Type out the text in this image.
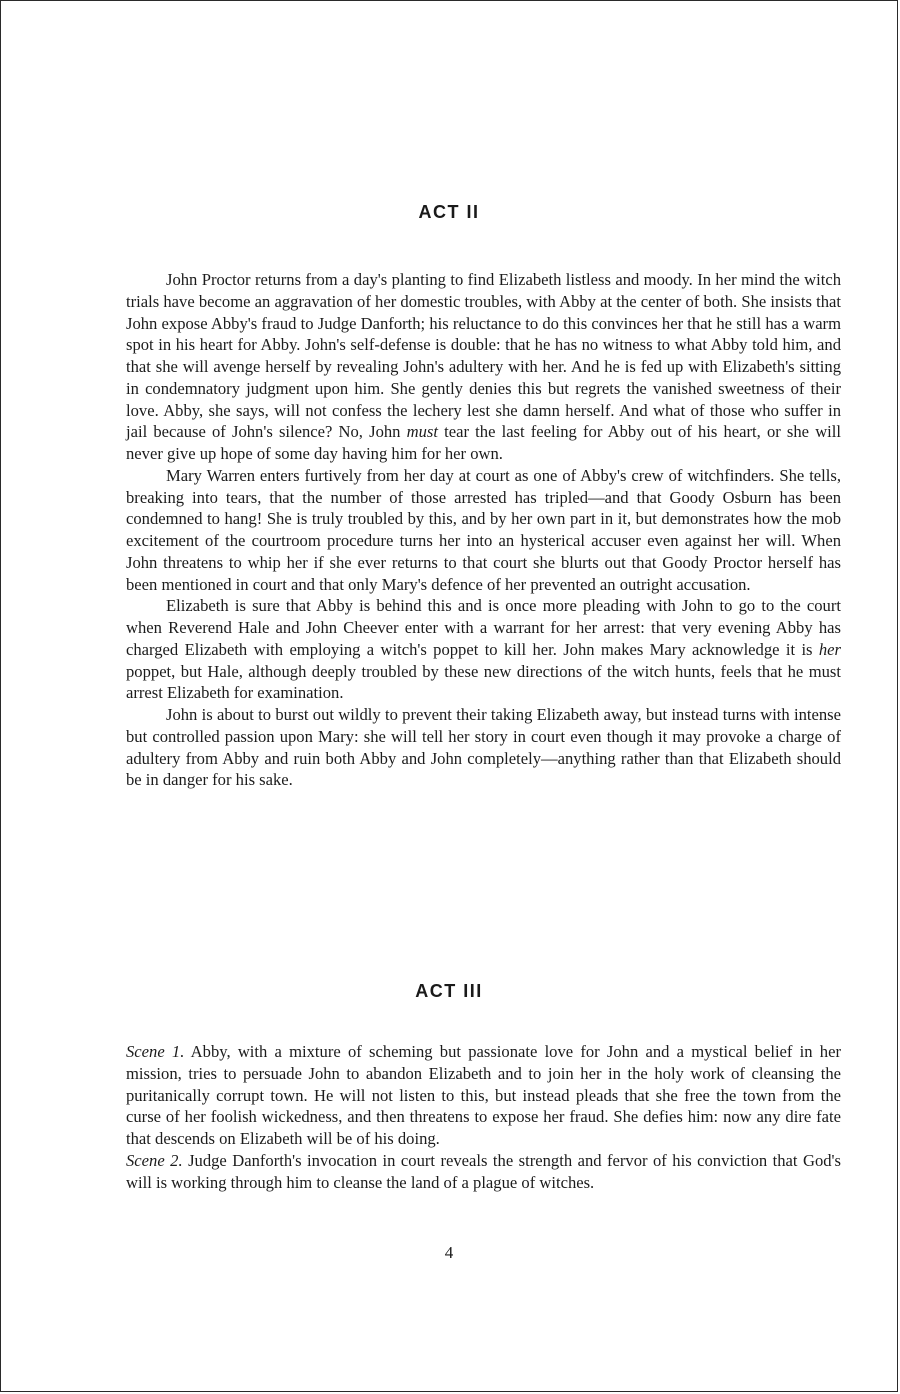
ACT II

John Proctor returns from a day's planting to find Elizabeth listless and moody. In her mind the witch trials have become an aggravation of her domestic troubles, with Abby at the center of both. She insists that John expose Abby's fraud to Judge Danforth; his reluctance to do this convinces her that he still has a warm spot in his heart for Abby. John's self-defense is double: that he has no witness to what Abby told him, and that she will avenge herself by revealing John's adultery with her. And he is fed up with Elizabeth's sitting in condemnatory judgment upon him. She gently denies this but regrets the vanished sweetness of their love. Abby, she says, will not confess the lechery lest she damn herself. And what of those who suffer in jail because of John's silence? No, John must tear the last feeling for Abby out of his heart, or she will never give up hope of some day having him for her own.

Mary Warren enters furtively from her day at court as one of Abby's crew of witchfinders. She tells, breaking into tears, that the number of those arrested has tripled—and that Goody Osburn has been condemned to hang! She is truly troubled by this, and by her own part in it, but demonstrates how the mob excitement of the courtroom procedure turns her into an hysterical accuser even against her will. When John threatens to whip her if she ever returns to that court she blurts out that Goody Proctor herself has been mentioned in court and that only Mary's defence of her prevented an outright accusation.

Elizabeth is sure that Abby is behind this and is once more pleading with John to go to the court when Reverend Hale and John Cheever enter with a warrant for her arrest: that very evening Abby has charged Elizabeth with employing a witch's poppet to kill her. John makes Mary acknowledge it is her poppet, but Hale, although deeply troubled by these new directions of the witch hunts, feels that he must arrest Elizabeth for examination.

John is about to burst out wildly to prevent their taking Elizabeth away, but instead turns with intense but controlled passion upon Mary: she will tell her story in court even though it may provoke a charge of adultery from Abby and ruin both Abby and John completely—anything rather than that Elizabeth should be in danger for his sake.

ACT III

Scene 1. Abby, with a mixture of scheming but passionate love for John and a mystical belief in her mission, tries to persuade John to abandon Elizabeth and to join her in the holy work of cleansing the puritanically corrupt town. He will not listen to this, but instead pleads that she free the town from the curse of her foolish wickedness, and then threatens to expose her fraud. She defies him: now any dire fate that descends on Elizabeth will be of his doing.

Scene 2. Judge Danforth's invocation in court reveals the strength and fervor of his conviction that God's will is working through him to cleanse the land of a plague of witches.

4
